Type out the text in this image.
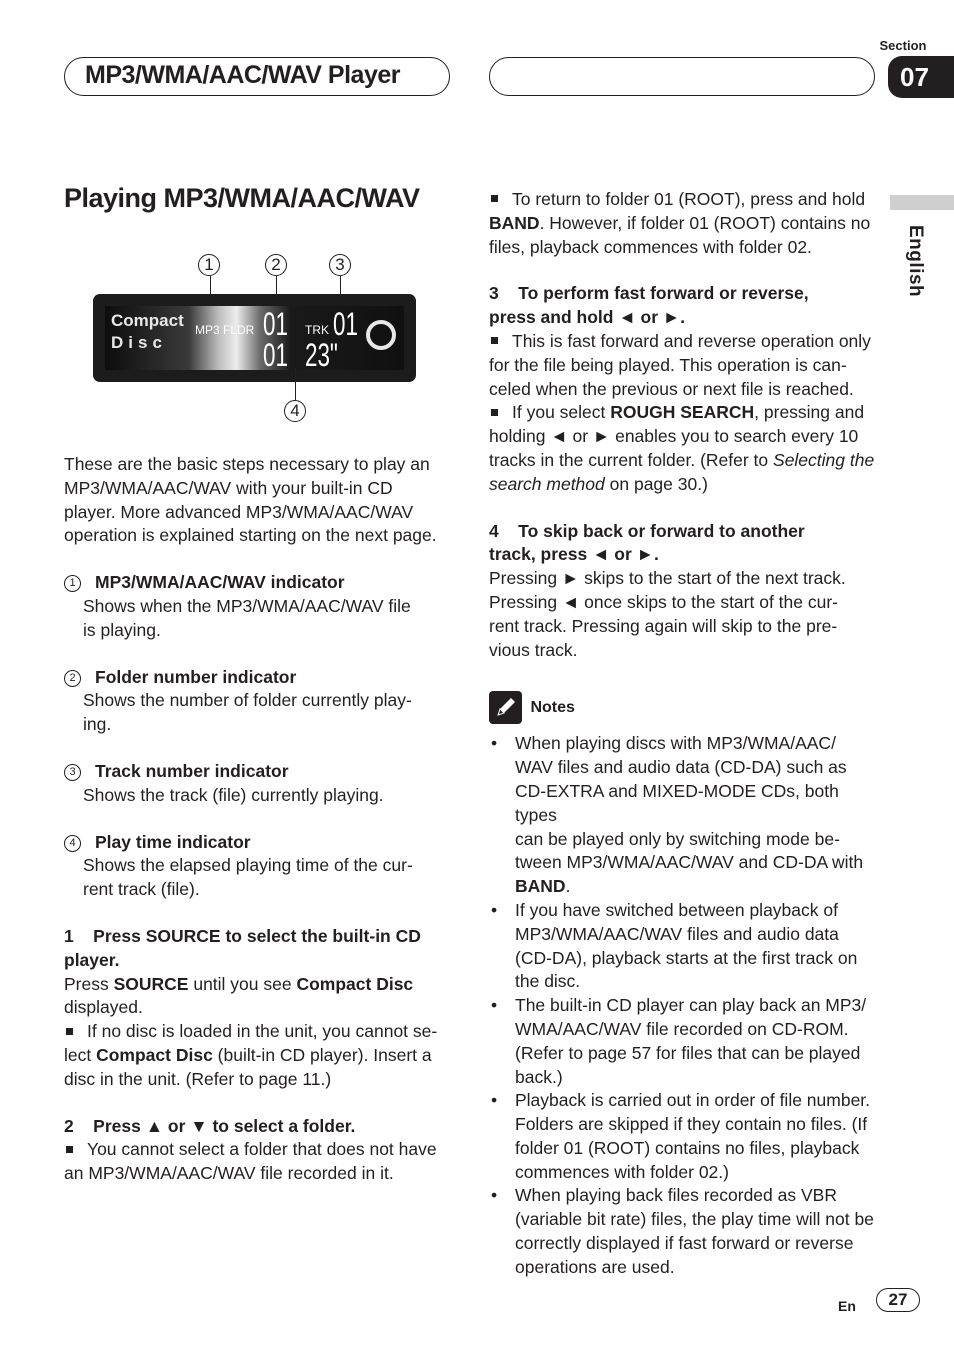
Section
07
MP3/WMA/AAC/WAV Player
English
Playing MP3/WMA/AAC/WAV
1	2	3
Compact
Disc
MP3 FLDR 01 TRK 01
01 23"
4

These are the basic steps necessary to play an MP3/WMA/AAC/WAV with your built-in CD player. More advanced MP3/WMA/AAC/WAV operation is explained starting on the next page.

1 MP3/WMA/AAC/WAV indicator

Shows when the MP3/WMA/AAC/WAV file

is playing.

2 Folder number indicator

Shows the number of folder currently play-

ing.

3 Track number indicator

Shows the track (file) currently playing.

4 Play time indicator

Shows the elapsed playing time of the cur-

rent track (file).

1    Press SOURCE to select the built-in CD

player.

Press SOURCE until you see Compact Disc

displayed.

If no disc is loaded in the unit, you cannot se-

lect Compact Disc (built-in CD player). Insert a

disc in the unit. (Refer to page 11.)

2    Press ▲ or ▼ to select a folder.

You cannot select a folder that does not have

an MP3/WMA/AAC/WAV file recorded in it.

To return to folder 01 (ROOT), press and hold

BAND. However, if folder 01 (ROOT) contains no

files, playback commences with folder 02.

3    To perform fast forward or reverse,

press and hold ◄ or ►.

This is fast forward and reverse operation only

for the file being played. This operation is can-

celed when the previous or next file is reached.

If you select ROUGH SEARCH, pressing and

holding ◄ or ► enables you to search every 10

tracks in the current folder. (Refer to Selecting the

search method on page 30.)

4    To skip back or forward to another

track, press ◄ or ►.

Pressing ► skips to the start of the next track.

Pressing ◄ once skips to the start of the cur-

rent track. Pressing again will skip to the pre-

vious track.

Notes

• When playing discs with MP3/WMA/AAC/
WAV files and audio data (CD-DA) such as
CD-EXTRA and MIXED-MODE CDs, both types
can be played only by switching mode be-
tween MP3/WMA/AAC/WAV and CD-DA with
BAND.
• If you have switched between playback of
MP3/WMA/AAC/WAV files and audio data
(CD-DA), playback starts at the first track on
the disc.
• The built-in CD player can play back an MP3/
WMA/AAC/WAV file recorded on CD-ROM.
(Refer to page 57 for files that can be played
back.)
• Playback is carried out in order of file number.
Folders are skipped if they contain no files. (If
folder 01 (ROOT) contains no files, playback
commences with folder 02.)
• When playing back files recorded as VBR
(variable bit rate) files, the play time will not be
correctly displayed if fast forward or reverse
operations are used.
En	27
